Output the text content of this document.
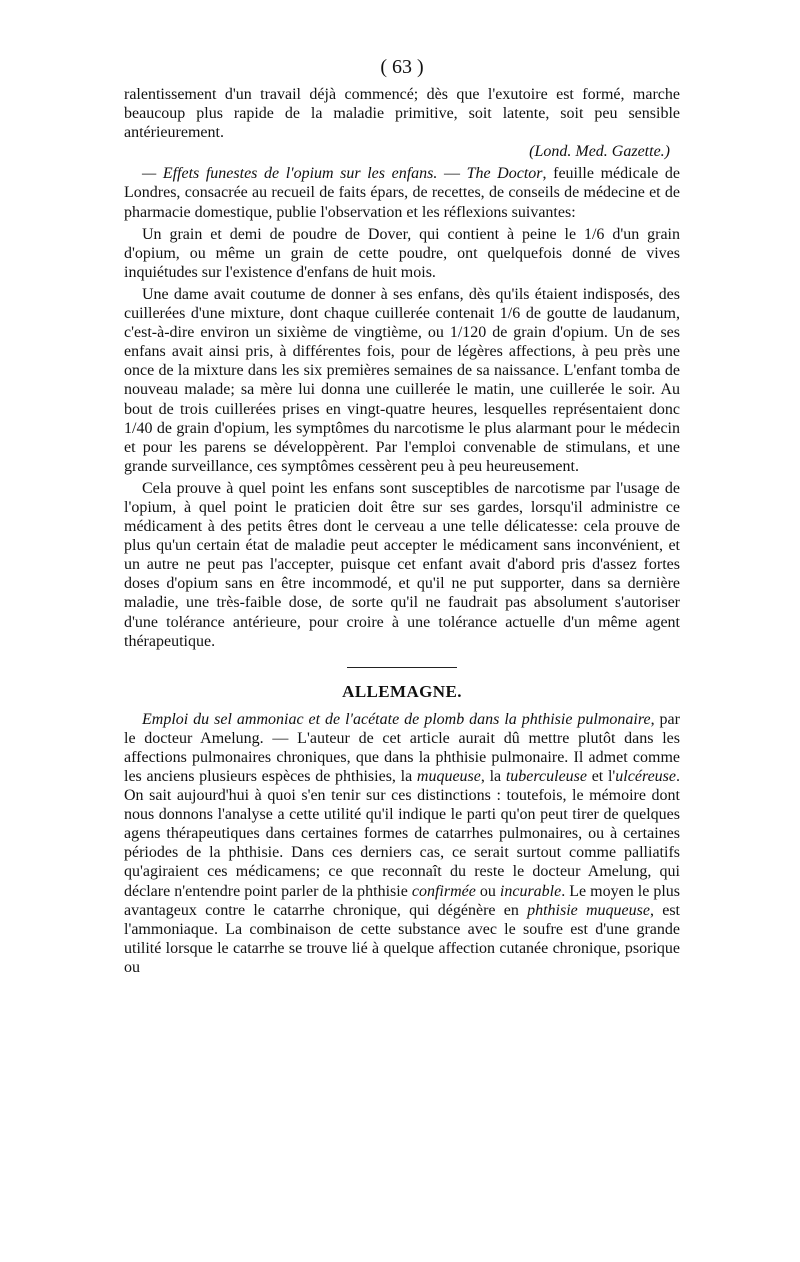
( 63 )

ralentissement d'un travail déjà commencé; dès que l'exutoire est formé, marche beaucoup plus rapide de la maladie primitive, soit latente, soit peu sensible antérieurement.

(Lond. Med. Gazette.)

— Effets funestes de l'opium sur les enfans. — The Doctor, feuille médicale de Londres, consacrée au recueil de faits épars, de recettes, de conseils de médecine et de pharmacie domestique, publie l'observation et les réflexions suivantes:

Un grain et demi de poudre de Dover, qui contient à peine le 1/6 d'un grain d'opium, ou même un grain de cette poudre, ont quelquefois donné de vives inquiétudes sur l'existence d'enfans de huit mois.

Une dame avait coutume de donner à ses enfans, dès qu'ils étaient indisposés, des cuillerées d'une mixture, dont chaque cuillerée contenait 1/6 de goutte de laudanum, c'est-à-dire environ un sixième de vingtième, ou 1/120 de grain d'opium. Un de ses enfans avait ainsi pris, à différentes fois, pour de légères affections, à peu près une once de la mixture dans les six premières semaines de sa naissance. L'enfant tomba de nouveau malade; sa mère lui donna une cuillerée le matin, une cuillerée le soir. Au bout de trois cuillerées prises en vingt-quatre heures, lesquelles représentaient donc 1/40 de grain d'opium, les symptômes du narcotisme le plus alarmant pour le médecin et pour les parens se développèrent. Par l'emploi convenable de stimulans, et une grande surveillance, ces symptômes cessèrent peu à peu heureusement.

Cela prouve à quel point les enfans sont susceptibles de narcotisme par l'usage de l'opium, à quel point le praticien doit être sur ses gardes, lorsqu'il administre ce médicament à des petits êtres dont le cerveau a une telle délicatesse: cela prouve de plus qu'un certain état de maladie peut accepter le médicament sans inconvénient, et un autre ne peut pas l'accepter, puisque cet enfant avait d'abord pris d'assez fortes doses d'opium sans en être incommodé, et qu'il ne put supporter, dans sa dernière maladie, une très-faible dose, de sorte qu'il ne faudrait pas absolument s'autoriser d'une tolérance antérieure, pour croire à une tolérance actuelle d'un même agent thérapeutique.

ALLEMAGNE.

Emploi du sel ammoniac et de l'acétate de plomb dans la phthisie pulmonaire, par le docteur Amelung. — L'auteur de cet article aurait dû mettre plutôt dans les affections pulmonaires chroniques, que dans la phthisie pulmonaire. Il admet comme les anciens plusieurs espèces de phthisies, la muqueuse, la tuberculeuse et l'ulcéreuse. On sait aujourd'hui à quoi s'en tenir sur ces distinctions : toutefois, le mémoire dont nous donnons l'analyse a cette utilité qu'il indique le parti qu'on peut tirer de quelques agens thérapeutiques dans certaines formes de catarrhes pulmonaires, ou à certaines périodes de la phthisie. Dans ces derniers cas, ce serait surtout comme palliatifs qu'agiraient ces médicamens; ce que reconnaît du reste le docteur Amelung, qui déclare n'entendre point parler de la phthisie confirmée ou incurable. Le moyen le plus avantageux contre le catarrhe chronique, qui dégénère en phthisie muqueuse, est l'ammoniaque. La combinaison de cette substance avec le soufre est d'une grande utilité lorsque le catarrhe se trouve lié à quelque affection cutanée chronique, psorique ou
